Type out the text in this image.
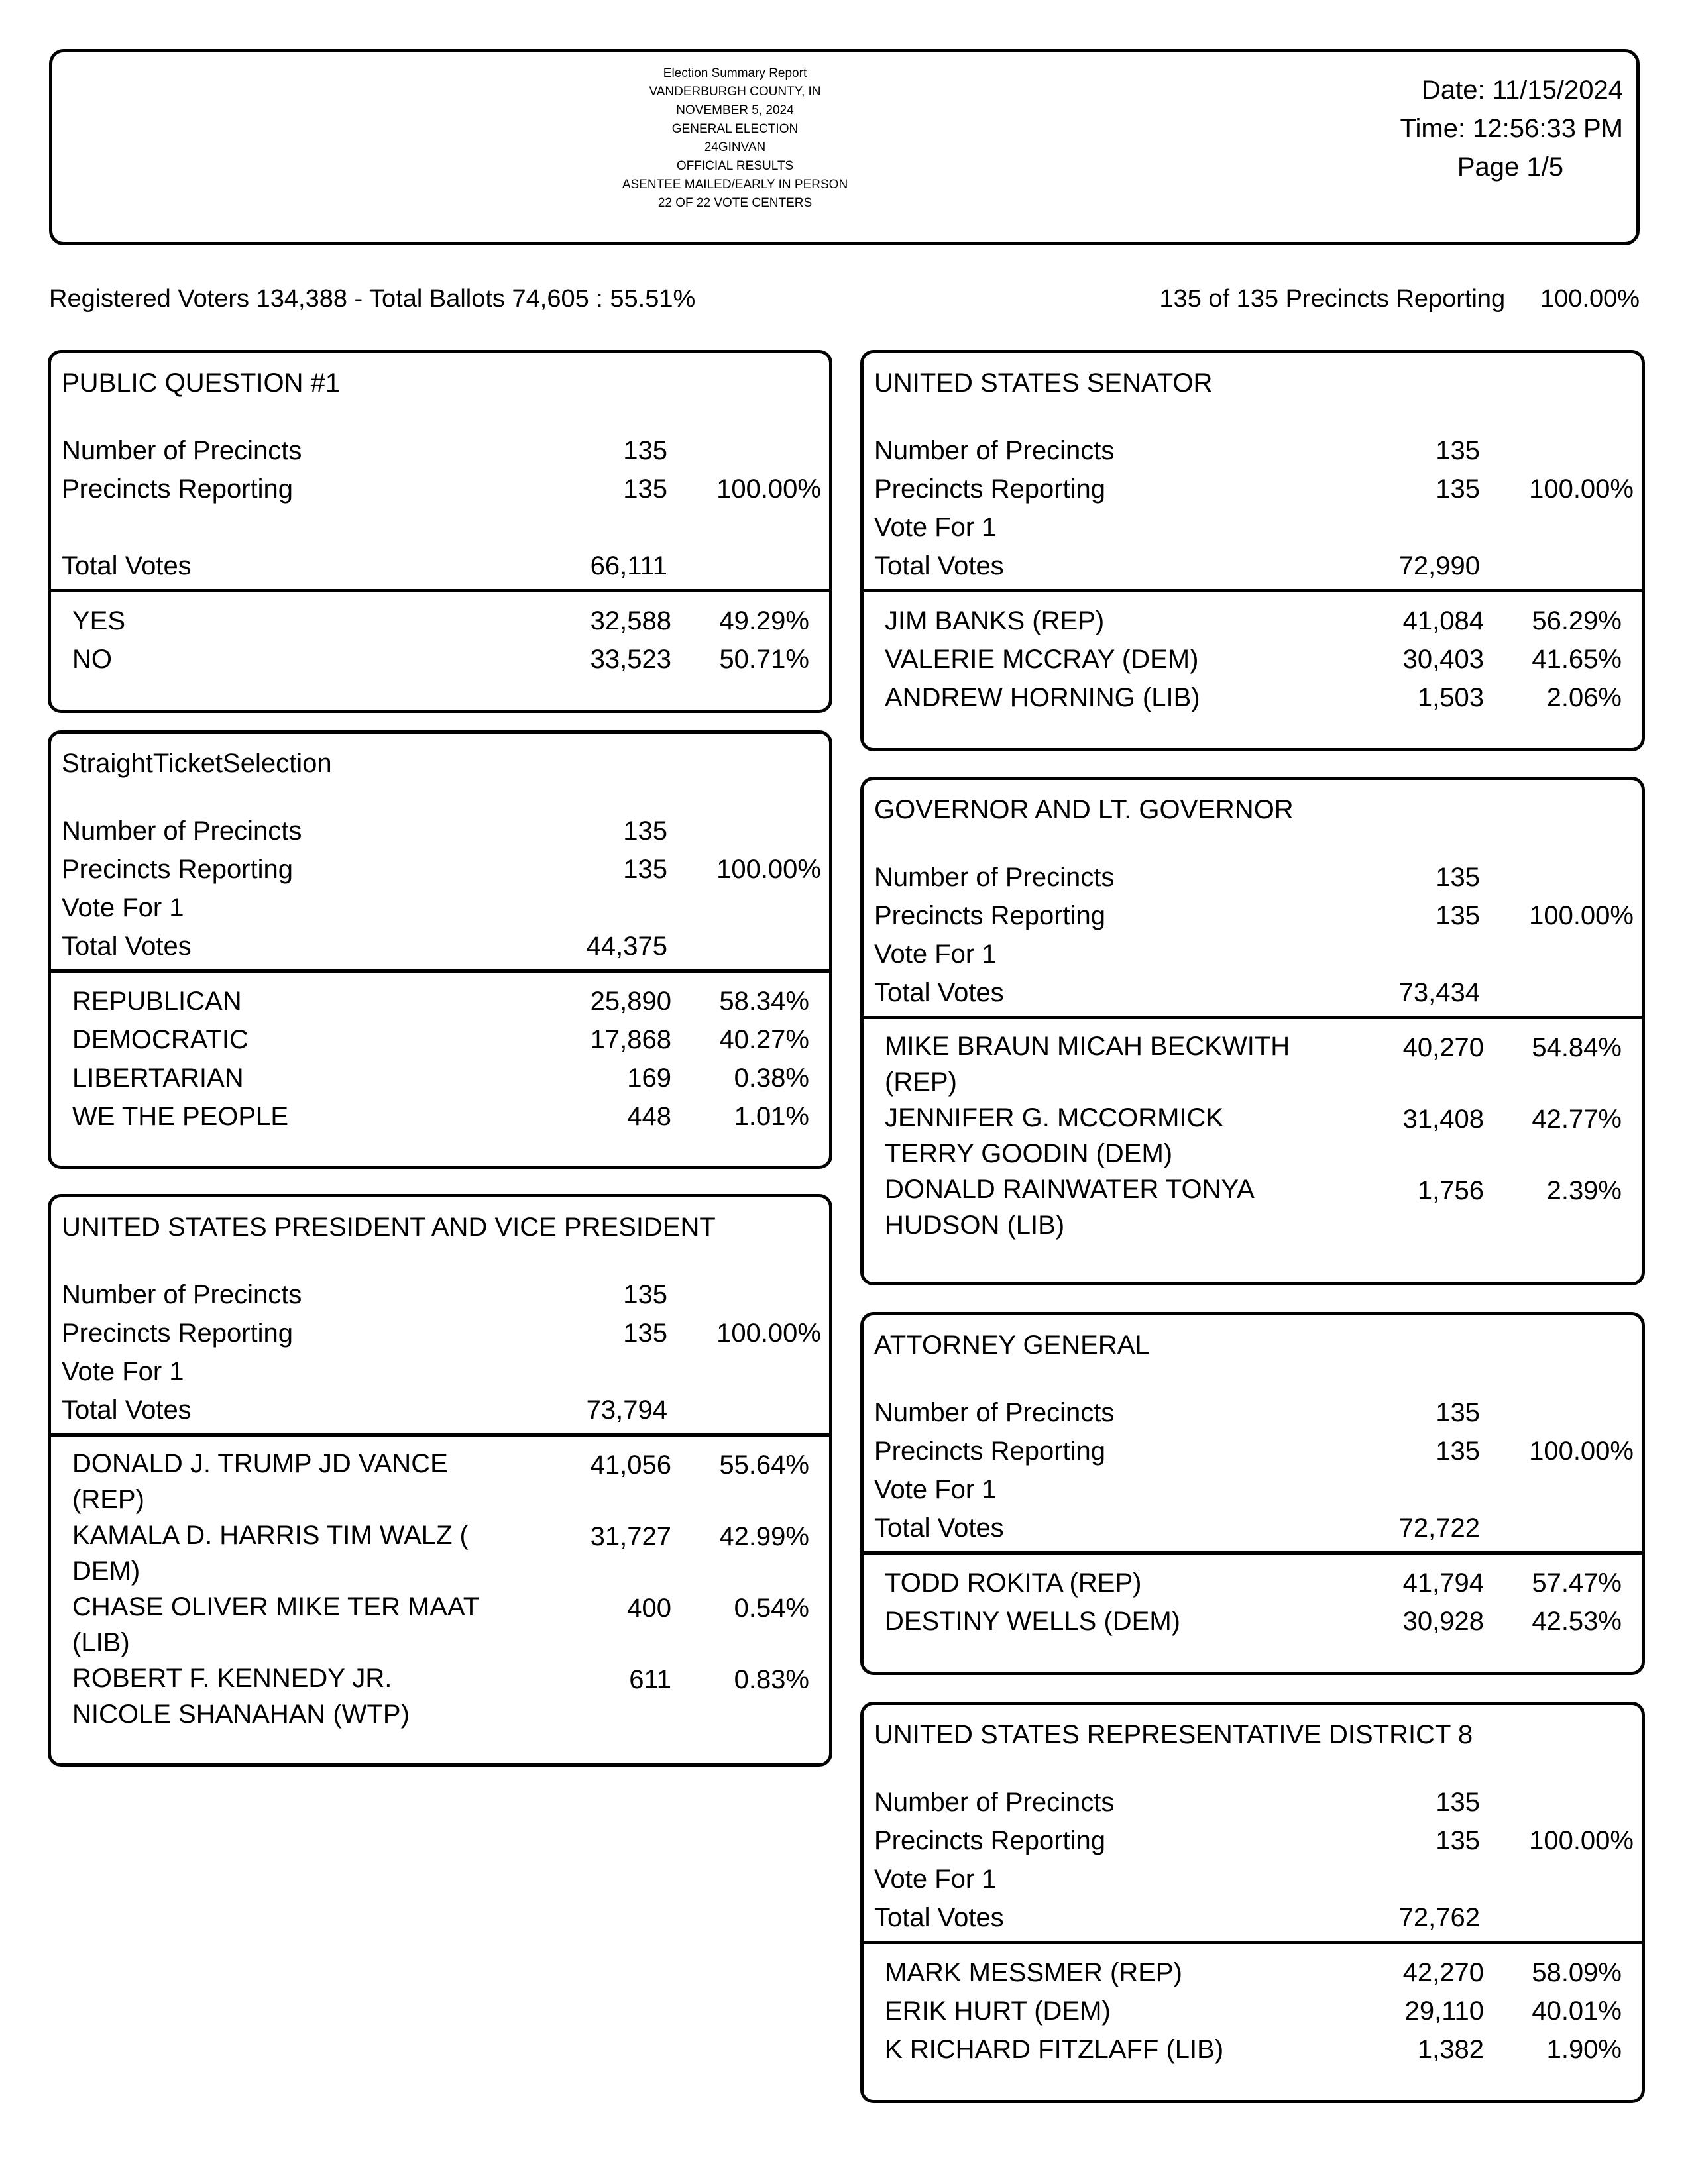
Election Summary Report
VANDERBURGH COUNTY, IN
NOVEMBER 5, 2024
GENERAL ELECTION
24GINVAN
OFFICIAL RESULTS
ASENTEE MAILED/EARLY IN PERSON
22 OF 22 VOTE CENTERS
Date: 11/15/2024
Time: 12:56:33 PM
Page 1/5
Registered Voters 134,388 - Total Ballots 74,605 : 55.51%	135 of 135 Precincts Reporting 100.00%
PUBLIC QUESTION #1
Number of Precincts	135
Precincts Reporting	135	100.00%
Total Votes	66,111
YES	32,588	49.29%
NO	33,523	50.71%
StraightTicketSelection
Number of Precincts	135
Precincts Reporting	135	100.00%
Vote For 1
Total Votes	44,375
REPUBLICAN	25,890	58.34%
DEMOCRATIC	17,868	40.27%
LIBERTARIAN	169	0.38%
WE THE PEOPLE	448	1.01%
UNITED STATES PRESIDENT AND VICE PRESIDENT
Number of Precincts	135
Precincts Reporting	135	100.00%
Vote For 1
Total Votes	73,794
DONALD J. TRUMP JD VANCE
(REP)
41,056	55.64%
KAMALA D. HARRIS TIM WALZ (
DEM)
31,727	42.99%
CHASE OLIVER MIKE TER MAAT
(LIB)
400	0.54%
ROBERT F. KENNEDY JR.
NICOLE SHANAHAN (WTP)
611	0.83%
UNITED STATES SENATOR
Number of Precincts	135
Precincts Reporting	135	100.00%
Vote For 1
Total Votes	72,990
JIM BANKS (REP)	41,084	56.29%
VALERIE MCCRAY (DEM)	30,403	41.65%
ANDREW HORNING (LIB)	1,503	2.06%
GOVERNOR AND LT. GOVERNOR
Number of Precincts	135
Precincts Reporting	135	100.00%
Vote For 1
Total Votes	73,434
MIKE BRAUN MICAH BECKWITH
(REP)
40,270	54.84%
JENNIFER G. MCCORMICK
TERRY GOODIN (DEM)
31,408	42.77%
DONALD RAINWATER TONYA
HUDSON (LIB)
1,756	2.39%
ATTORNEY GENERAL
Number of Precincts	135
Precincts Reporting	135	100.00%
Vote For 1
Total Votes	72,722
TODD ROKITA (REP)	41,794	57.47%
DESTINY WELLS (DEM)	30,928	42.53%
UNITED STATES REPRESENTATIVE DISTRICT 8
Number of Precincts	135
Precincts Reporting	135	100.00%
Vote For 1
Total Votes	72,762
MARK MESSMER (REP)	42,270	58.09%
ERIK HURT (DEM)	29,110	40.01%
K RICHARD FITZLAFF (LIB)	1,382	1.90%
